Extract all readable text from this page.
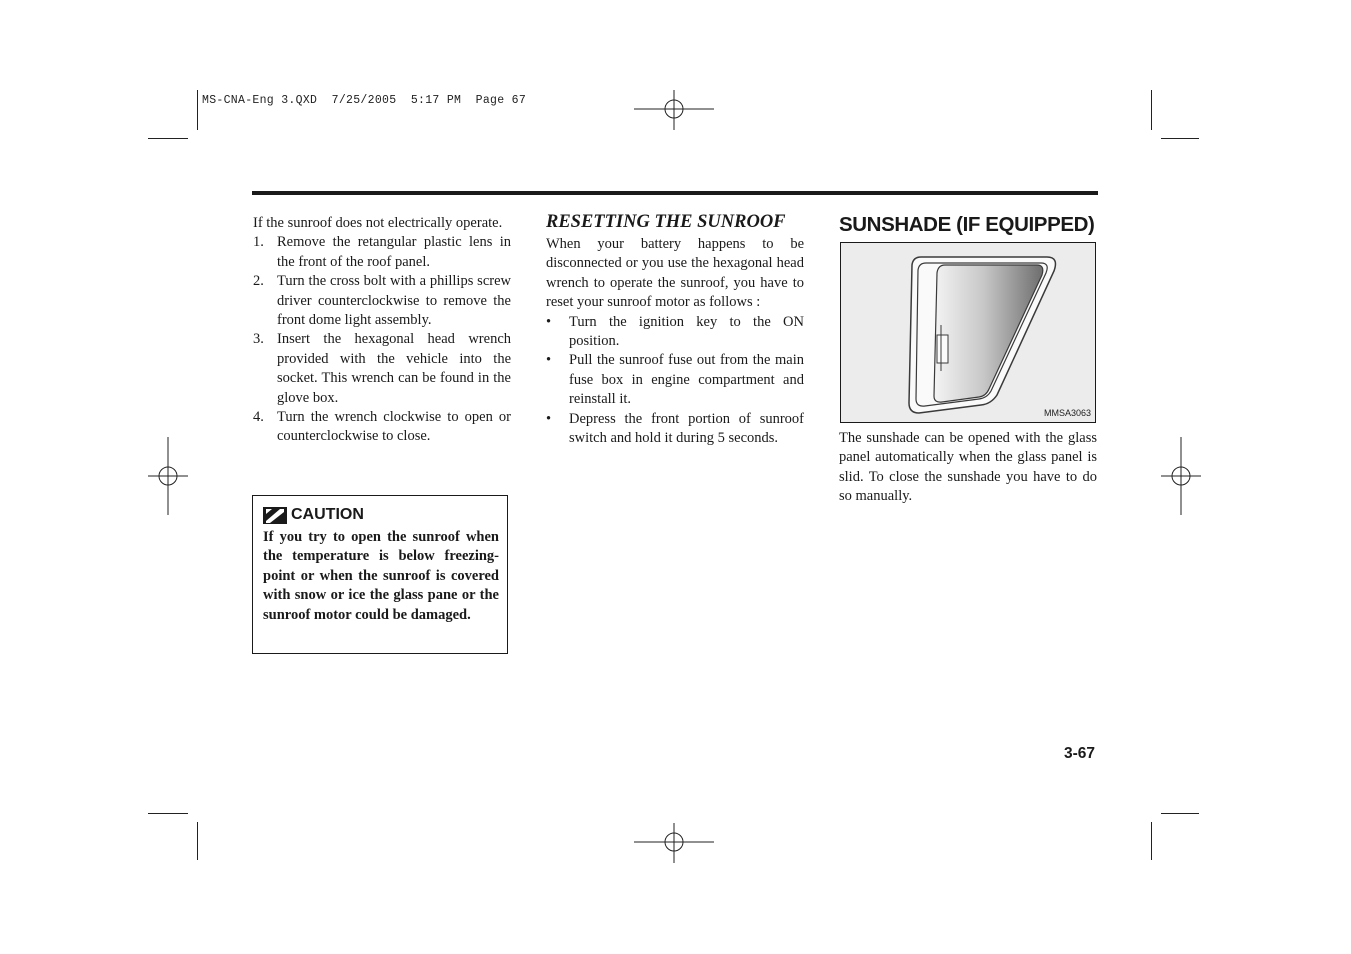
MS-CNA-Eng 3.QXD  7/25/2005  5:17 PM  Page 67

If the sunroof does not electrically operate.

1. Remove the retangular plastic lens in the front of the roof panel.
2. Turn the cross bolt with a phillips screw driver counterclockwise to remove the front dome light assembly.
3. Insert the hexagonal head wrench provided with the vehicle into the socket. This wrench can be found in the glove box.
4. Turn the wrench clockwise to open or counterclockwise to close.
CAUTION
If you try to open the sunroof when the temperature is below freezing-point or when the sunroof is covered with snow or ice the glass pane or the sunroof motor could be damaged.
RESETTING THE SUNROOF

When your battery happens to be disconnected or you use the hexagonal head wrench to operate the sunroof, you have to reset your sunroof motor as follows :

• Turn the ignition key to the ON position.
• Pull the sunroof fuse out from the main fuse box in engine compartment and reinstall it.
• Depress the front portion of sunroof switch and hold it during 5 seconds.
SUNSHADE (IF EQUIPPED)
MMSA3063

The sunshade can be opened with the glass panel automatically when the glass panel is slid. To close the sunshade you have to do so manually.

3-67
